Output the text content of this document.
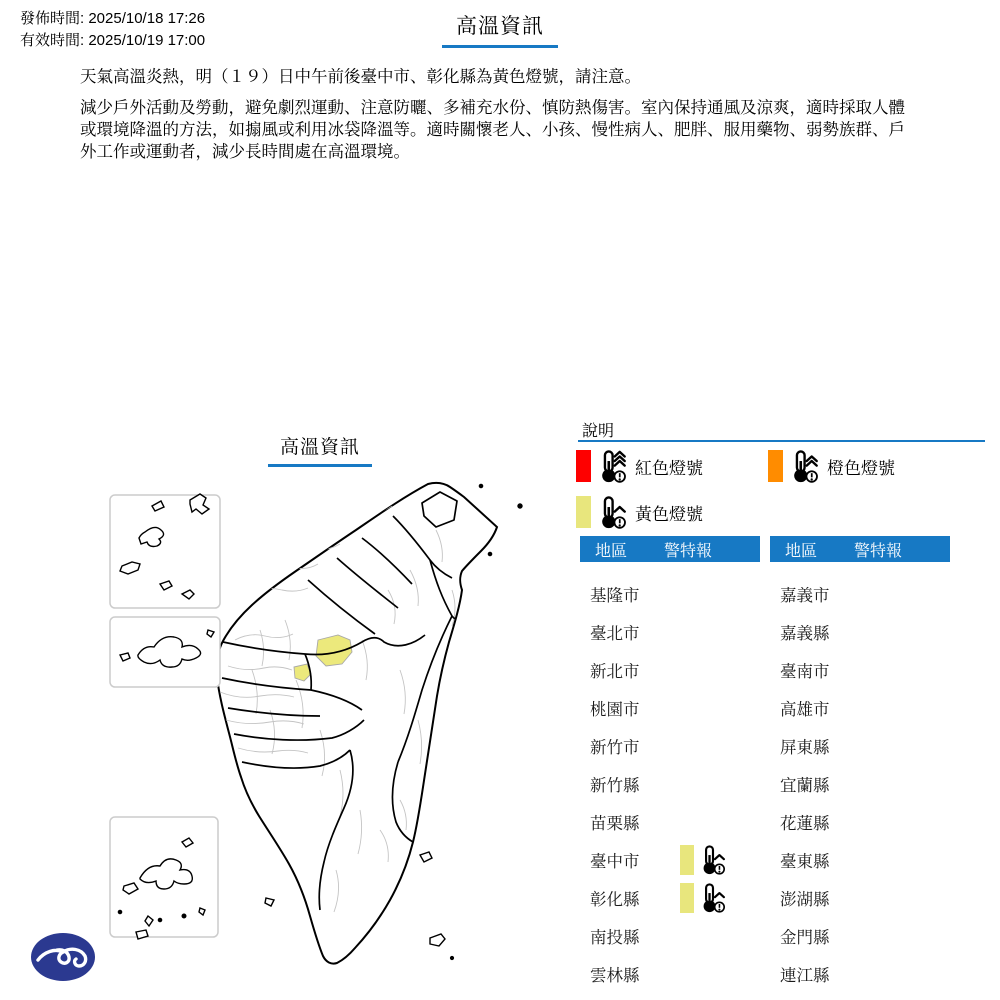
發佈時間: 2025/10/18 17:26
有效時間: 2025/10/19 17:00
高溫資訊

天氣高溫炎熱，明（１９）日中午前後臺中市、彰化縣為黃色燈號，請注意。

減少戶外活動及勞動，避免劇烈運動、注意防曬、多補充水份、慎防熱傷害。室內保持通風及涼爽，適時採取人體或環境降溫的方法，如搧風或利用冰袋降溫等。適時關懷老人、小孩、慢性病人、肥胖、服用藥物、弱勢族群、戶外工作或運動者，減少長時間處在高溫環境。

高溫資訊
說明
紅色燈號	橙色燈號
黃色燈號
地區 警特報
基隆市
臺北市
新北市
桃園市
新竹市
新竹縣
苗栗縣
臺中市
彰化縣
南投縣
雲林縣
地區 警特報
嘉義市
嘉義縣
臺南市
高雄市
屏東縣
宜蘭縣
花蓮縣
臺東縣
澎湖縣
金門縣
連江縣
